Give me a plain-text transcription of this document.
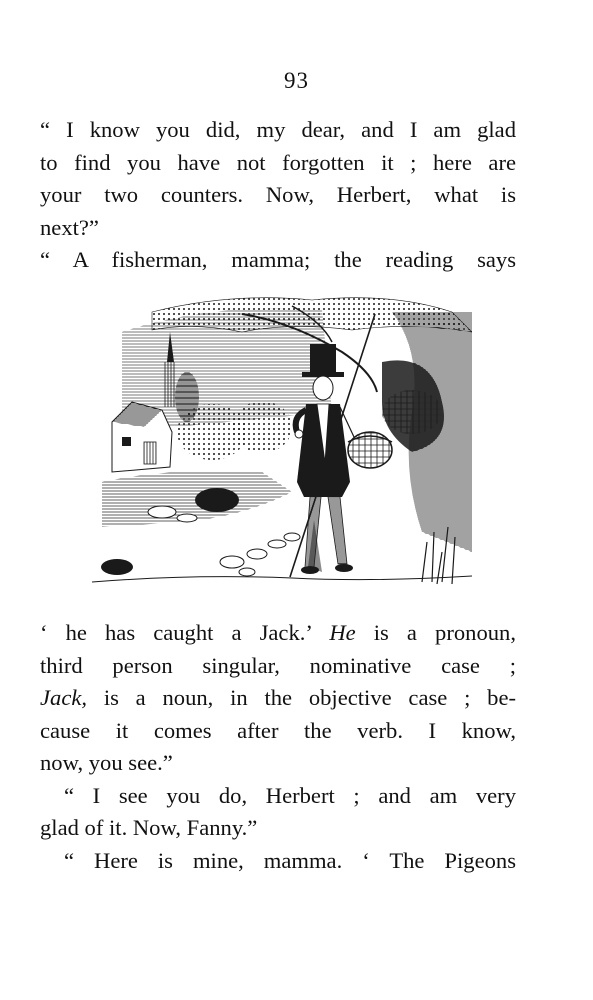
93
“ I know you did, my dear, and I am glad
to find you have not forgotten it ; here are
your two counters. Now, Herbert, what is
next?”
“ A fisherman, mamma; the reading says
‘ he has caught a Jack.’ He is a pronoun,
third person singular, nominative case ;
Jack, is a noun, in the objective case ; be-
cause it comes after the verb. I know,
now, you see.”
“ I see you do, Herbert ; and am very
glad of it. Now, Fanny.”
“ Here is mine, mamma. ‘ The Pigeons
